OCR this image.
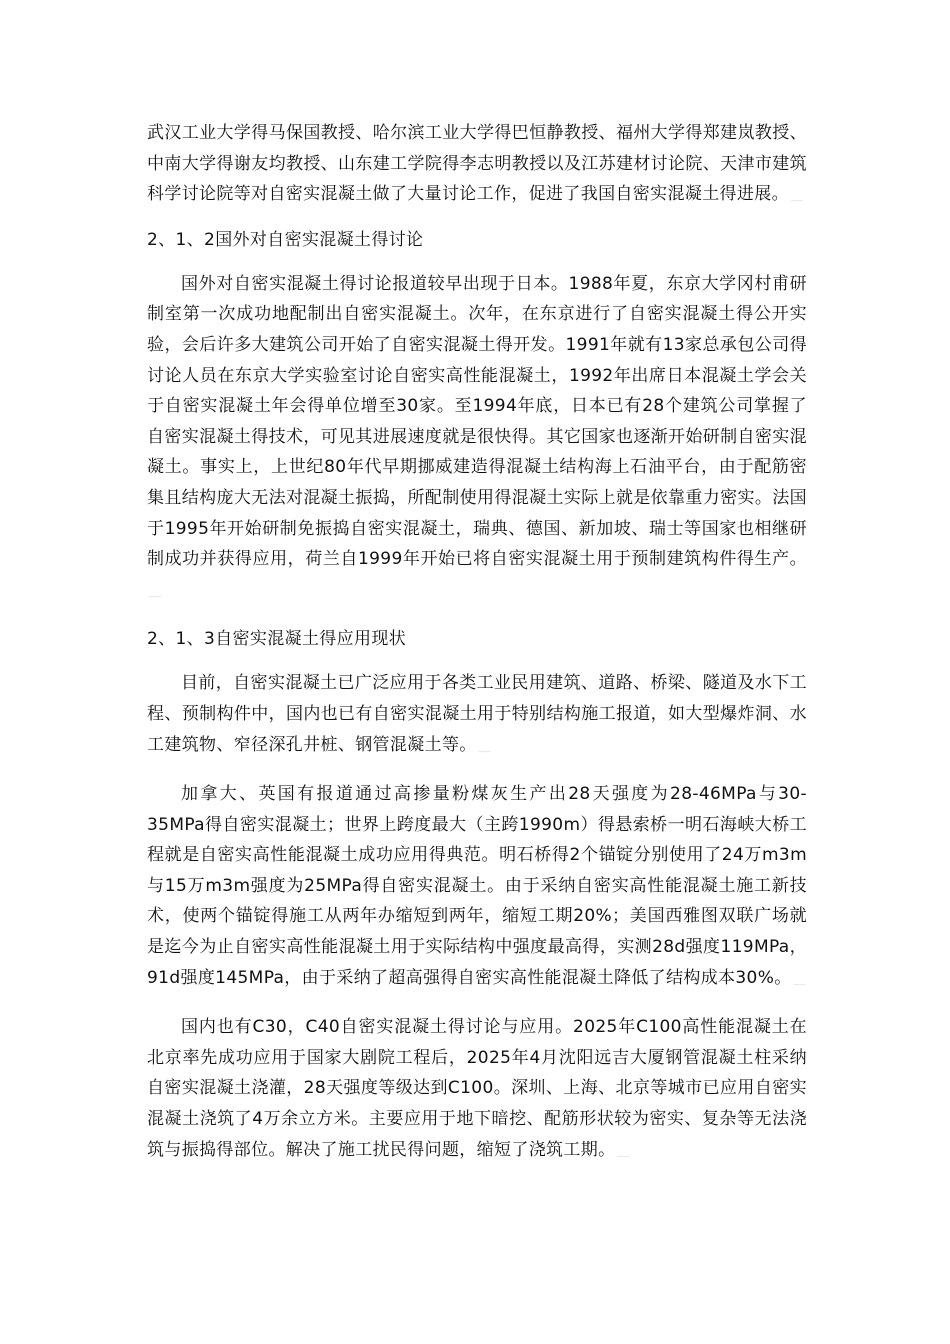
武汉工业大学得马保国教授、哈尔滨工业大学得巴恒静教授、福州大学得郑建岚教授、中南大学得谢友均教授、山东建工学院得李志明教授以及江苏建材讨论院、天津市建筑科学讨论院等对自密实混凝土做了大量讨论工作，促进了我国自密实混凝土得进展。 ___

2、1、2国外对自密实混凝土得讨论

国外对自密实混凝土得讨论报道较早出现于日本。1988年夏，东京大学冈村甫研制室第一次成功地配制出自密实混凝土。次年，在东京进行了自密实混凝土得公开实验，会后许多大建筑公司开始了自密实混凝土得开发。1991年就有13家总承包公司得讨论人员在东京大学实验室讨论自密实高性能混凝土，1992年出席日本混凝土学会关于自密实混凝土年会得单位增至30家。至1994年底，日本已有28个建筑公司掌握了自密实混凝土得技术，可见其进展速度就是很快得。其它国家也逐渐开始研制自密实混凝土。事实上，上世纪80年代早期挪威建造得混凝土结构海上石油平台，由于配筋密集且结构庞大无法对混凝土振捣，所配制使用得混凝土实际上就是依靠重力密实。法国于1995年开始研制免振捣自密实混凝土，瑞典、德国、新加坡、瑞士等国家也相继研制成功并获得应用，荷兰自1999年开始已将自密实混凝土用于预制建筑构件得生产。___

2、1、3自密实混凝土得应用现状

目前，自密实混凝土已广泛应用于各类工业民用建筑、道路、桥梁、隧道及水下工程、预制构件中，国内也已有自密实混凝土用于特别结构施工报道，如大型爆炸洞、水工建筑物、窄径深孔井桩、钢管混凝土等。 ___

加拿大、英国有报道通过高掺量粉煤灰生产出28天强度为28-46MPa与30-35MPa得自密实混凝土；世界上跨度最大（主跨1990m）得悬索桥一明石海峡大桥工程就是自密实高性能混凝土成功应用得典范。明石桥得2个锚锭分别使用了24万m3m与15万m3m强度为25MPa得自密实混凝土。由于采纳自密实高性能混凝土施工新技术，使两个锚锭得施工从两年办缩短到两年，缩短工期20%；美国西雅图双联广场就是迄今为止自密实高性能混凝土用于实际结构中强度最高得，实测28d强度119MPa，91d强度145MPa，由于采纳了超高强得自密实高性能混凝土降低了结构成本30%。 ___

国内也有C30，C40自密实混凝土得讨论与应用。2025年C100高性能混凝土在北京率先成功应用于国家大剧院工程后，2025年4月沈阳远吉大厦钢管混凝土柱采纳自密实混凝土浇灌，28天强度等级达到C100。深圳、上海、北京等城市已应用自密实混凝土浇筑了4万余立方米。主要应用于地下暗挖、配筋形状较为密实、复杂等无法浇筑与振捣得部位。解决了施工扰民得问题，缩短了浇筑工期。 ___
